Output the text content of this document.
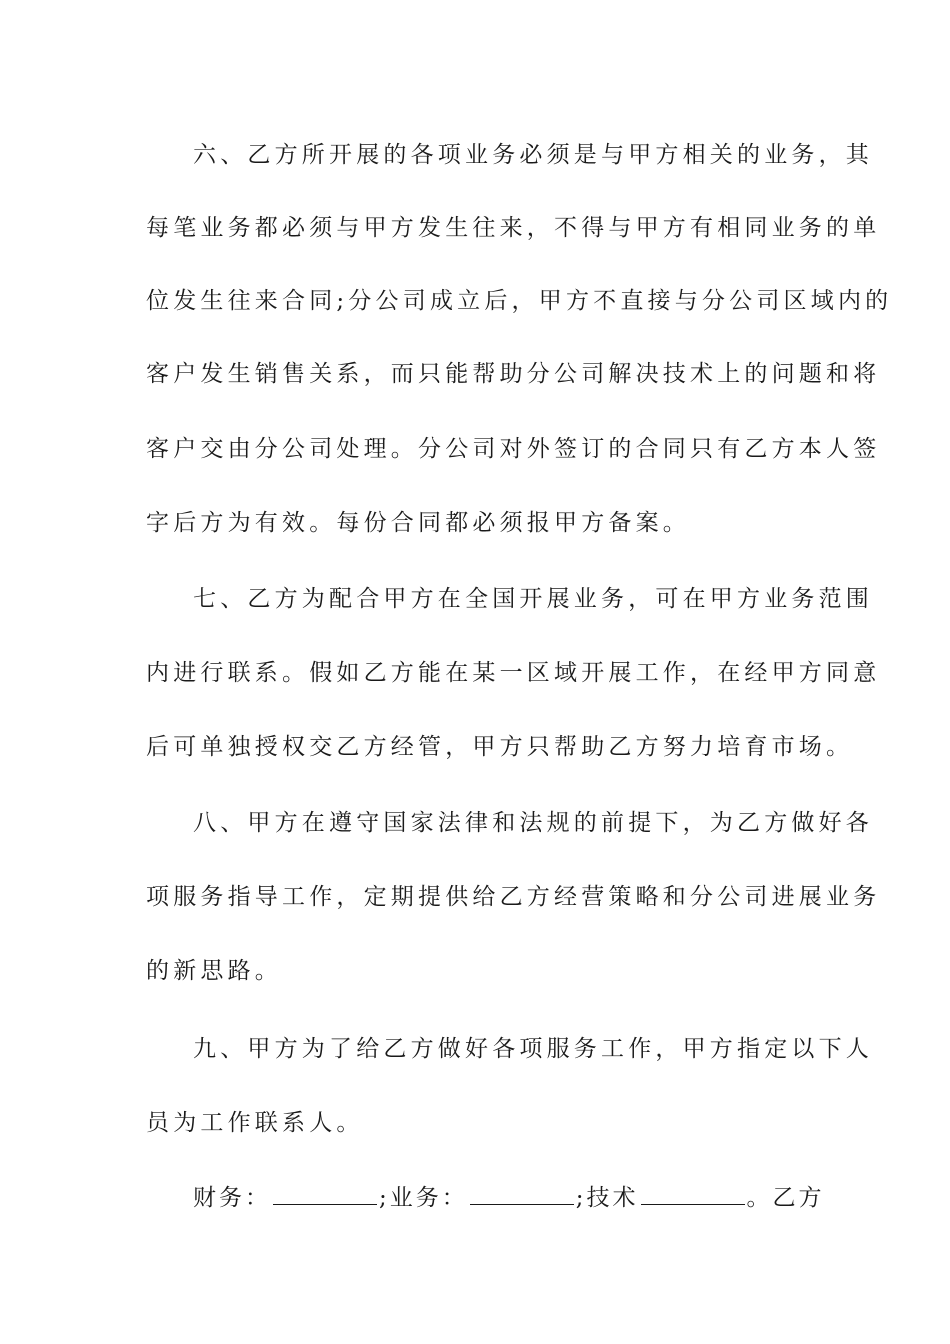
六、乙方所开展的各项业务必须是与甲方相关的业务，其
每笔业务都必须与甲方发生往来，不得与甲方有相同业务的单
位发生往来合同;分公司成立后，甲方不直接与分公司区域内的
客户发生销售关系，而只能帮助分公司解决技术上的问题和将
客户交由分公司处理。分公司对外签订的合同只有乙方本人签
字后方为有效。每份合同都必须报甲方备案。
七、乙方为配合甲方在全国开展业务，可在甲方业务范围
内进行联系。假如乙方能在某一区域开展工作，在经甲方同意
后可单独授权交乙方经管，甲方只帮助乙方努力培育市场。
八、甲方在遵守国家法律和法规的前提下，为乙方做好各
项服务指导工作，定期提供给乙方经营策略和分公司进展业务
的新思路。
九、甲方为了给乙方做好各项服务工作，甲方指定以下人
员为工作联系人。
财务：	;业务：	;技术	。乙方
